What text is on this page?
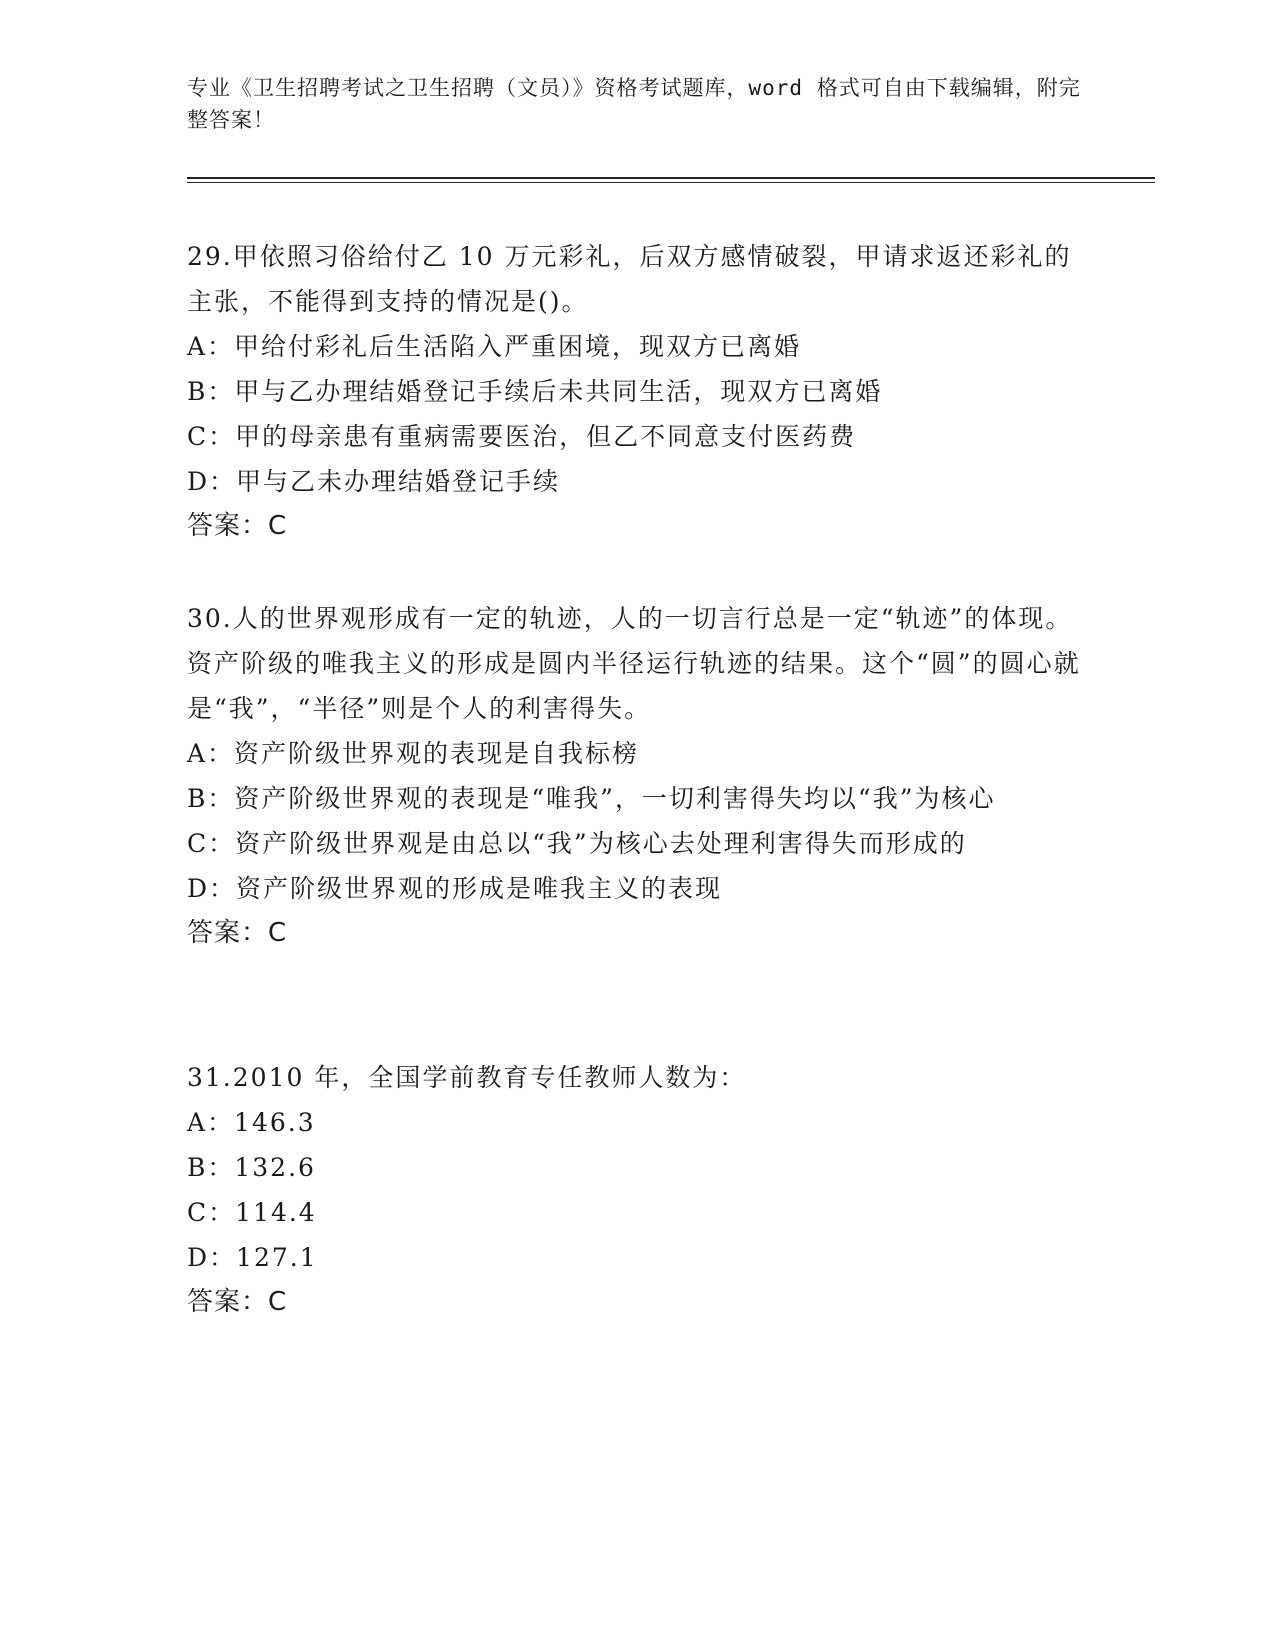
专业《卫生招聘考试之卫生招聘（文员）》资格考试题库，word 格式可自由下载编辑，附完整答案！

29.甲依照习俗给付乙 10 万元彩礼，后双方感情破裂，甲请求返还彩礼的主张，不能得到支持的情况是()。

A：甲给付彩礼后生活陷入严重困境，现双方已离婚

B：甲与乙办理结婚登记手续后未共同生活，现双方已离婚

C：甲的母亲患有重病需要医治，但乙不同意支付医药费

D：甲与乙未办理结婚登记手续

答案：C

30.人的世界观形成有一定的轨迹，人的一切言行总是一定“轨迹”的体现。资产阶级的唯我主义的形成是圆内半径运行轨迹的结果。这个“圆”的圆心就是“我”，“半径”则是个人的利害得失。

A：资产阶级世界观的表现是自我标榜

B：资产阶级世界观的表现是“唯我”，一切利害得失均以“我”为核心

C：资产阶级世界观是由总以“我”为核心去处理利害得失而形成的

D：资产阶级世界观的形成是唯我主义的表现

答案：C

31.2010 年，全国学前教育专任教师人数为：

A：146.3

B：132.6

C：114.4

D：127.1

答案：C
